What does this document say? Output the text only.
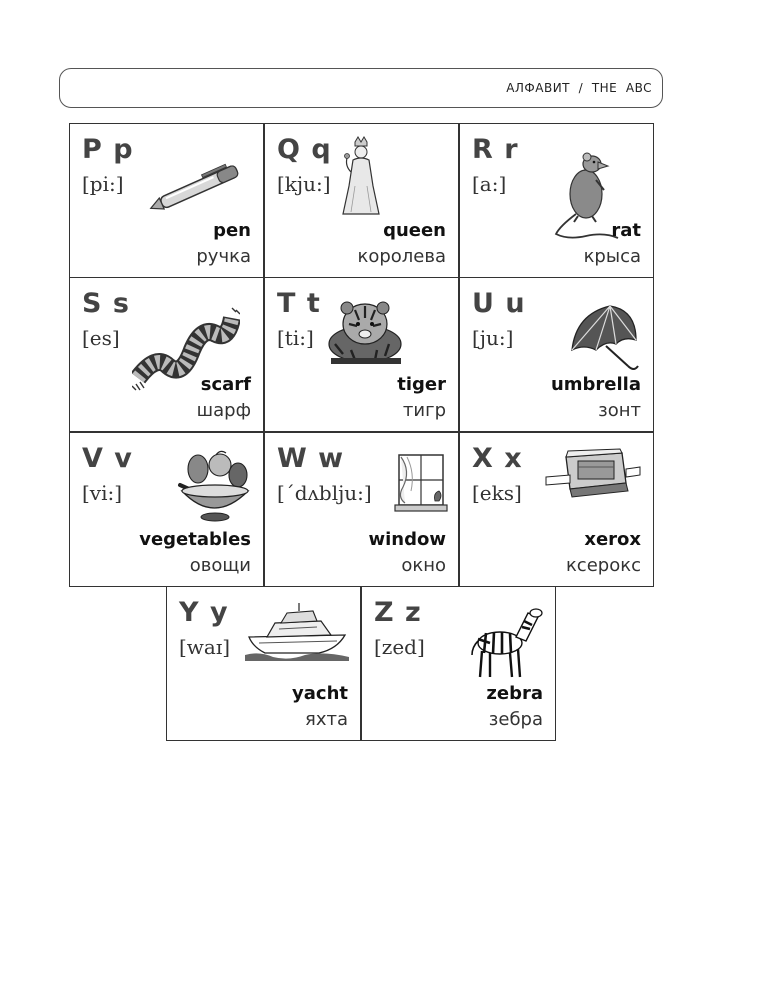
АЛФАВИТ  /  THE  ABC
P p
[pi:]
pen
ручка
Q q
[kju:]
queen
королева
R r
[a:]
rat
крыса
S s
[es]
scarf
шарф
T t
[ti:]
tiger
тигр
U u
[ju:]
umbrella
зонт
V v
[vi:]
vegetables
овощи
W w
[ˊdʌblju:]
window
окно
X x
[eks]
xerox
ксерокс
Y y
[waɪ]
yacht
яхта
Z z
[zed]
zebra
зебра
